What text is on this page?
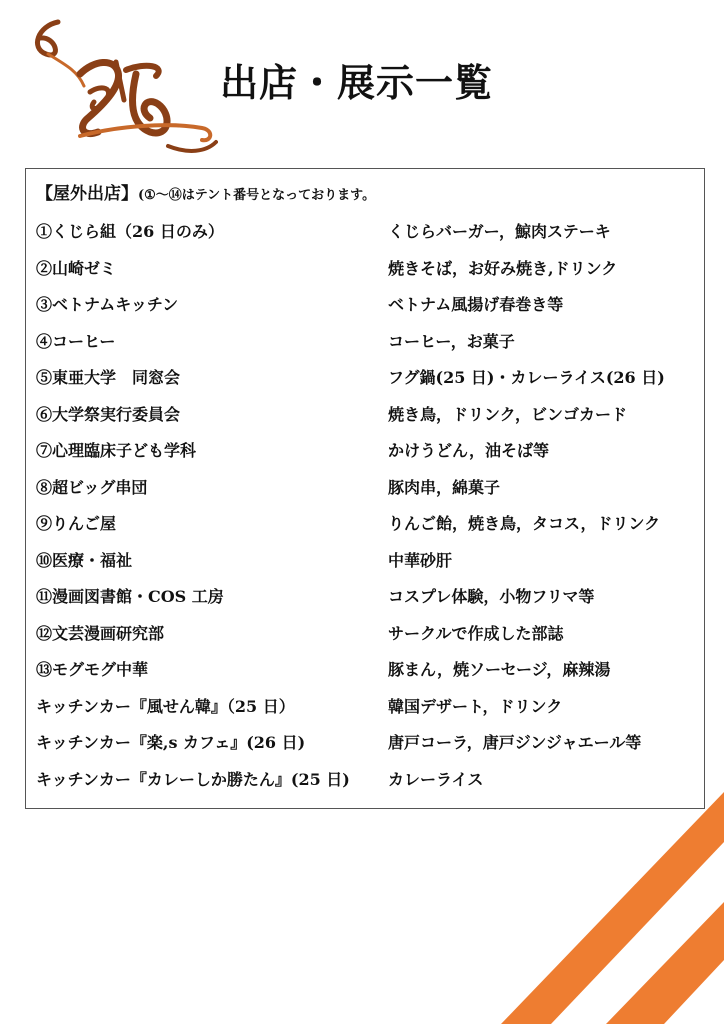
出店・展示一覧
【屋外出店】(①～⑭はテント番号となっております。
①くじら組（26 日のみ）	くじらバーガー，鯨肉ステーキ
②山崎ゼミ	焼きそば，お好み焼き,ドリンク
③ベトナムキッチン	ベトナム風揚げ春巻き等
④コーヒー	コーヒー，お菓子
⑤東亜大学　同窓会	フグ鍋(25 日)・カレーライス(26 日)
⑥大学祭実行委員会	焼き鳥，ドリンク，ビンゴカード
⑦心理臨床子ども学科	かけうどん，油そば等
⑧超ビッグ串団	豚肉串，綿菓子
⑨りんご屋	りんご飴，焼き鳥，タコス，ドリンク
⑩医療・福祉	中華砂肝
⑪漫画図書館・COS 工房	コスプレ体験，小物フリマ等
⑫文芸漫画研究部	サークルで作成した部誌
⑬モグモグ中華	豚まん，焼ソーセージ，麻辣湯
キッチンカー『風せん韓』（25 日）	韓国デザート，ドリンク
キッチンカー『楽,s カフェ』(26 日)	唐戸コーラ，唐戸ジンジャエール等
キッチンカー『カレーしか勝たん』(25 日) カレーライス
